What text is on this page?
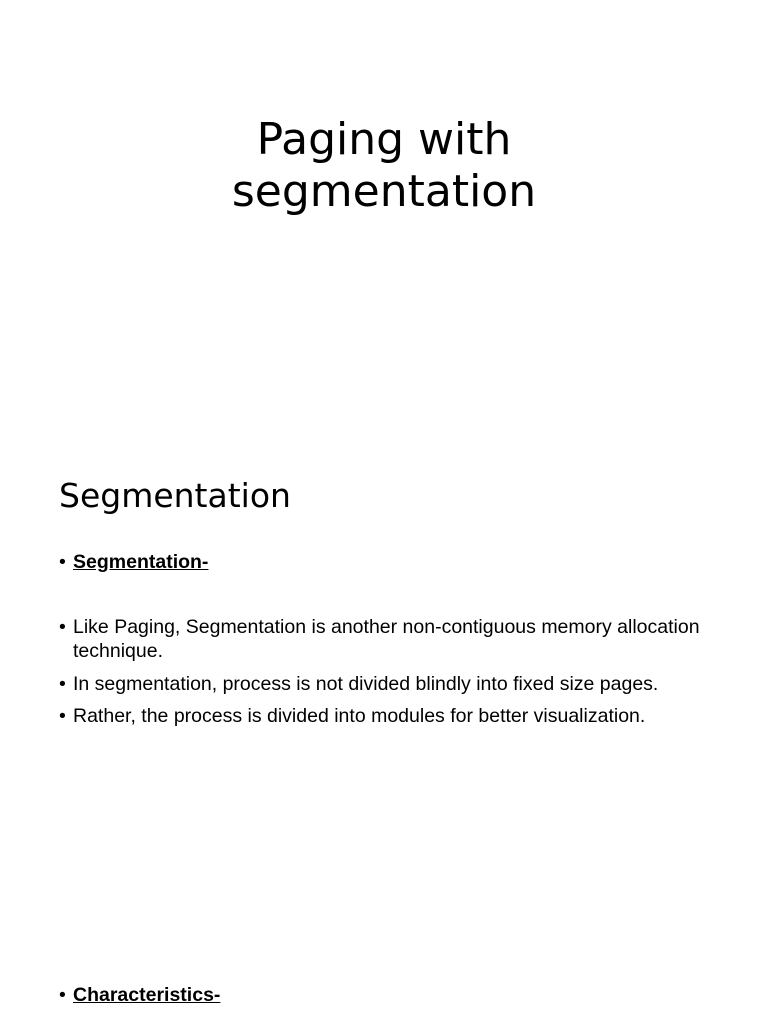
Paging with
segmentation
Segmentation
• Segmentation-
• Like Paging, Segmentation is another non-contiguous memory allocation technique.
• In segmentation, process is not divided blindly into fixed size pages.
• Rather, the process is divided into modules for better visualization.
• Characteristics-
